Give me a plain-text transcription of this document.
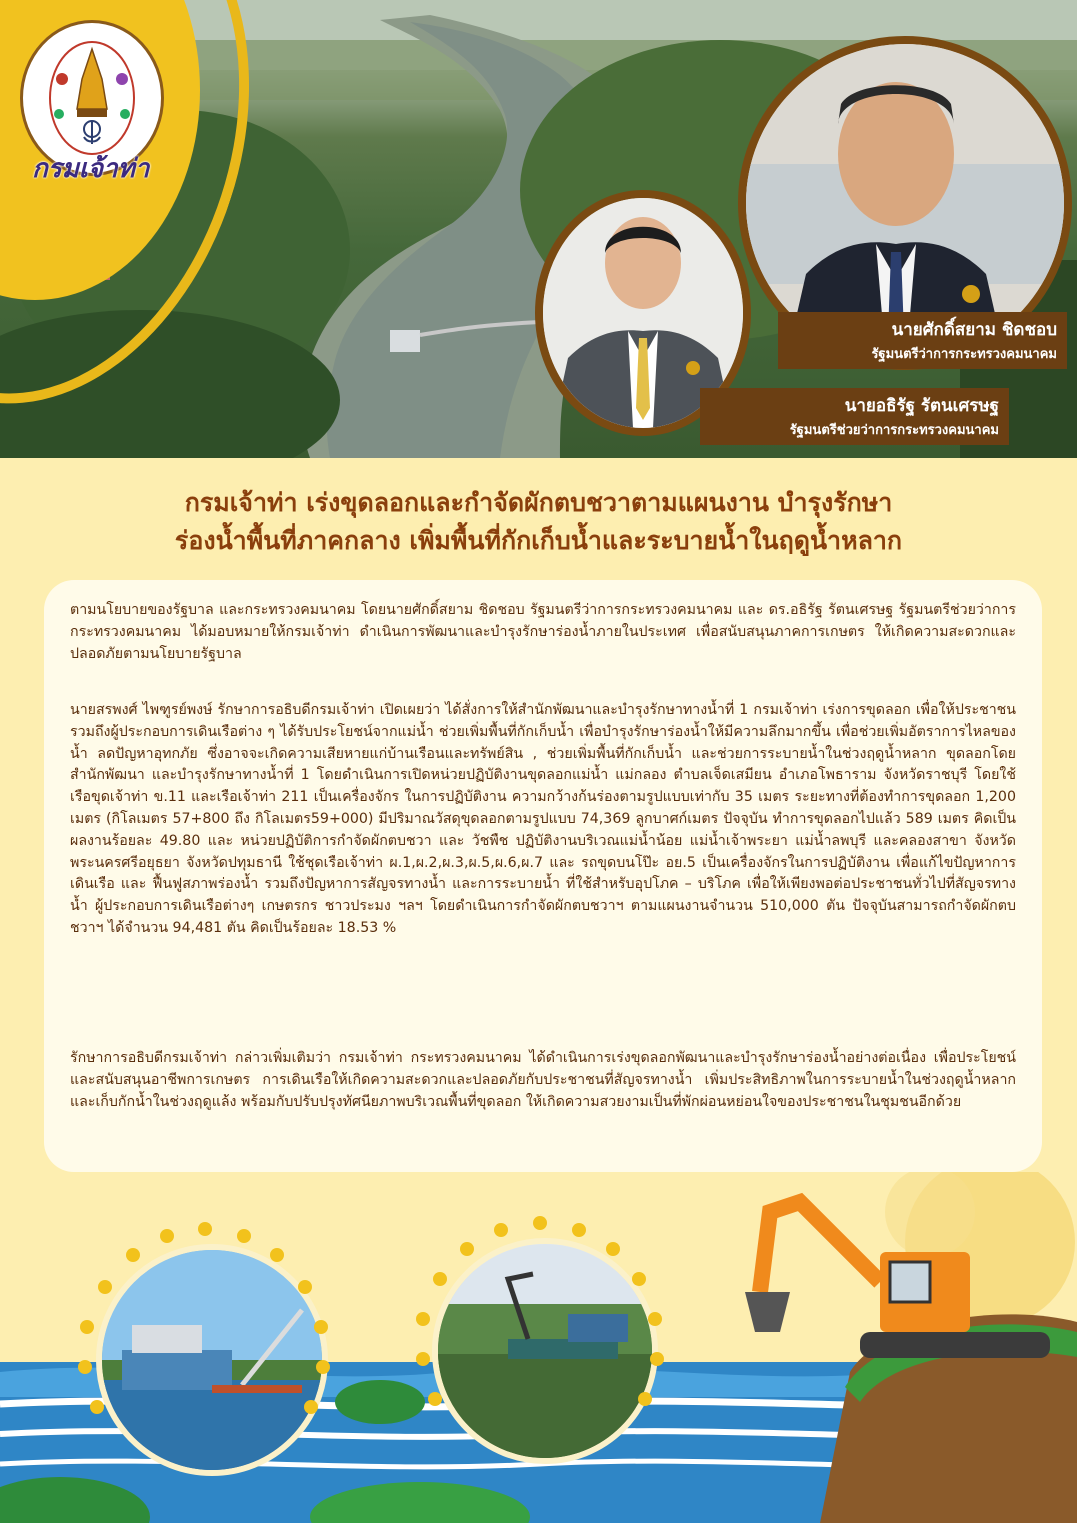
กรมเจ้าท่า
นายศักดิ์สยาม ชิดชอบ
รัฐมนตรีว่าการกระทรวงคมนาคม
นายอธิรัฐ รัตนเศรษฐ
รัฐมนตรีช่วยว่าการกระทรวงคมนาคม
กรมเจ้าท่า เร่งขุดลอกและกำจัดผักตบชวาตามแผนงาน บำรุงรักษา
ร่องน้ำพื้นที่ภาคกลาง เพิ่มพื้นที่กักเก็บน้ำและระบายน้ำในฤดูน้ำหลาก

ตามนโยบายของรัฐบาล และกระทรวงคมนาคม โดยนายศักดิ์สยาม ชิดชอบ รัฐมนตรีว่าการกระทรวงคมนาคม และ ดร.อธิรัฐ รัตนเศรษฐ รัฐมนตรีช่วยว่าการกระทรวงคมนาคม ได้มอบหมายให้กรมเจ้าท่า ดำเนินการพัฒนาและบำรุงรักษาร่องน้ำภายในประเทศ เพื่อสนับสนุนภาคการเกษตร ให้เกิดความสะดวกและปลอดภัยตามนโยบายรัฐบาล

นายสรพงศ์ ไพฑูรย์พงษ์ รักษาการอธิบดีกรมเจ้าท่า เปิดเผยว่า ได้สั่งการให้สำนักพัฒนาและบำรุงรักษาทางน้ำที่ 1 กรมเจ้าท่า เร่งการขุดลอก เพื่อให้ประชาชนรวมถึงผู้ประกอบการเดินเรือต่าง ๆ ได้รับประโยชน์จากแม่น้ำ ช่วยเพิ่มพื้นที่กักเก็บน้ำ เพื่อบำรุงรักษาร่องน้ำให้มีความลึกมากขึ้น เพื่อช่วยเพิ่มอัตราการไหลของน้ำ ลดปัญหาอุทกภัย ซึ่งอาจจะเกิดความเสียหายแก่บ้านเรือนและทรัพย์สิน , ช่วยเพิ่มพื้นที่กักเก็บน้ำ และช่วยการระบายน้ำในช่วงฤดูน้ำหลาก ขุดลอกโดยสำนักพัฒนา และบำรุงรักษาทางน้ำที่ 1 โดยดำเนินการเปิดหน่วยปฏิบัติงานขุดลอกแม่น้ำ แม่กลอง ตำบลเจ็ดเสมียน อำเภอโพธาราม จังหวัดราชบุรี โดยใช้เรือขุดเจ้าท่า ข.11 และเรือเจ้าท่า 211 เป็นเครื่องจักร ในการปฏิบัติงาน ความกว้างก้นร่องตามรูปแบบเท่ากับ 35 เมตร ระยะทางที่ต้องทำการขุดลอก 1,200 เมตร (กิโลเมตร 57+800 ถึง กิโลเมตร59+000) มีปริมาณวัสดุขุดลอกตามรูปแบบ 74,369 ลูกบาศก์เมตร ปัจจุบัน ทำการขุดลอกไปแล้ว 589 เมตร คิดเป็นผลงานร้อยละ 49.80 และ หน่วยปฏิบัติการกำจัดผักตบชวา และ วัชพืช ปฏิบัติงานบริเวณแม่น้ำน้อย แม่น้ำเจ้าพระยา แม่น้ำลพบุรี และคลองสาขา จังหวัดพระนครศรีอยุธยา จังหวัดปทุมธานี ใช้ชุดเรือเจ้าท่า ผ.1,ผ.2,ผ.3,ผ.5,ผ.6,ผ.7 และ รถขุดบนโป๊ะ อย.5 เป็นเครื่องจักรในการปฏิบัติงาน เพื่อแก้ไขปัญหาการเดินเรือ และ ฟื้นฟูสภาพร่องน้ำ รวมถึงปัญหาการสัญจรทางน้ำ และการระบายน้ำ ที่ใช้สำหรับอุปโภค – บริโภค เพื่อให้เพียงพอต่อประชาชนทั่วไปที่สัญจรทางน้ำ ผู้ประกอบการเดินเรือต่างๆ เกษตรกร ชาวประมง ฯลฯ โดยดำเนินการกำจัดผักตบชวาฯ ตามแผนงานจำนวน 510,000 ตัน ปัจจุบันสามารถกำจัดผักตบชวาฯ ได้จำนวน 94,481 ตัน คิดเป็นร้อยละ 18.53 %

รักษาการอธิบดีกรมเจ้าท่า กล่าวเพิ่มเติมว่า กรมเจ้าท่า กระทรวงคมนาคม ได้ดำเนินการเร่งขุดลอกพัฒนาและบำรุงรักษาร่องน้ำอย่างต่อเนื่อง เพื่อประโยชน์และสนับสนุนอาชีพการเกษตร การเดินเรือให้เกิดความสะดวกและปลอดภัยกับประชาชนที่สัญจรทางน้ำ เพิ่มประสิทธิภาพในการระบายน้ำในช่วงฤดูน้ำหลาก และเก็บกักน้ำในช่วงฤดูแล้ง พร้อมกับปรับปรุงทัศนียภาพบริเวณพื้นที่ขุดลอก ให้เกิดความสวยงามเป็นที่พักผ่อนหย่อนใจของประชาชนในชุมชนอีกด้วย
